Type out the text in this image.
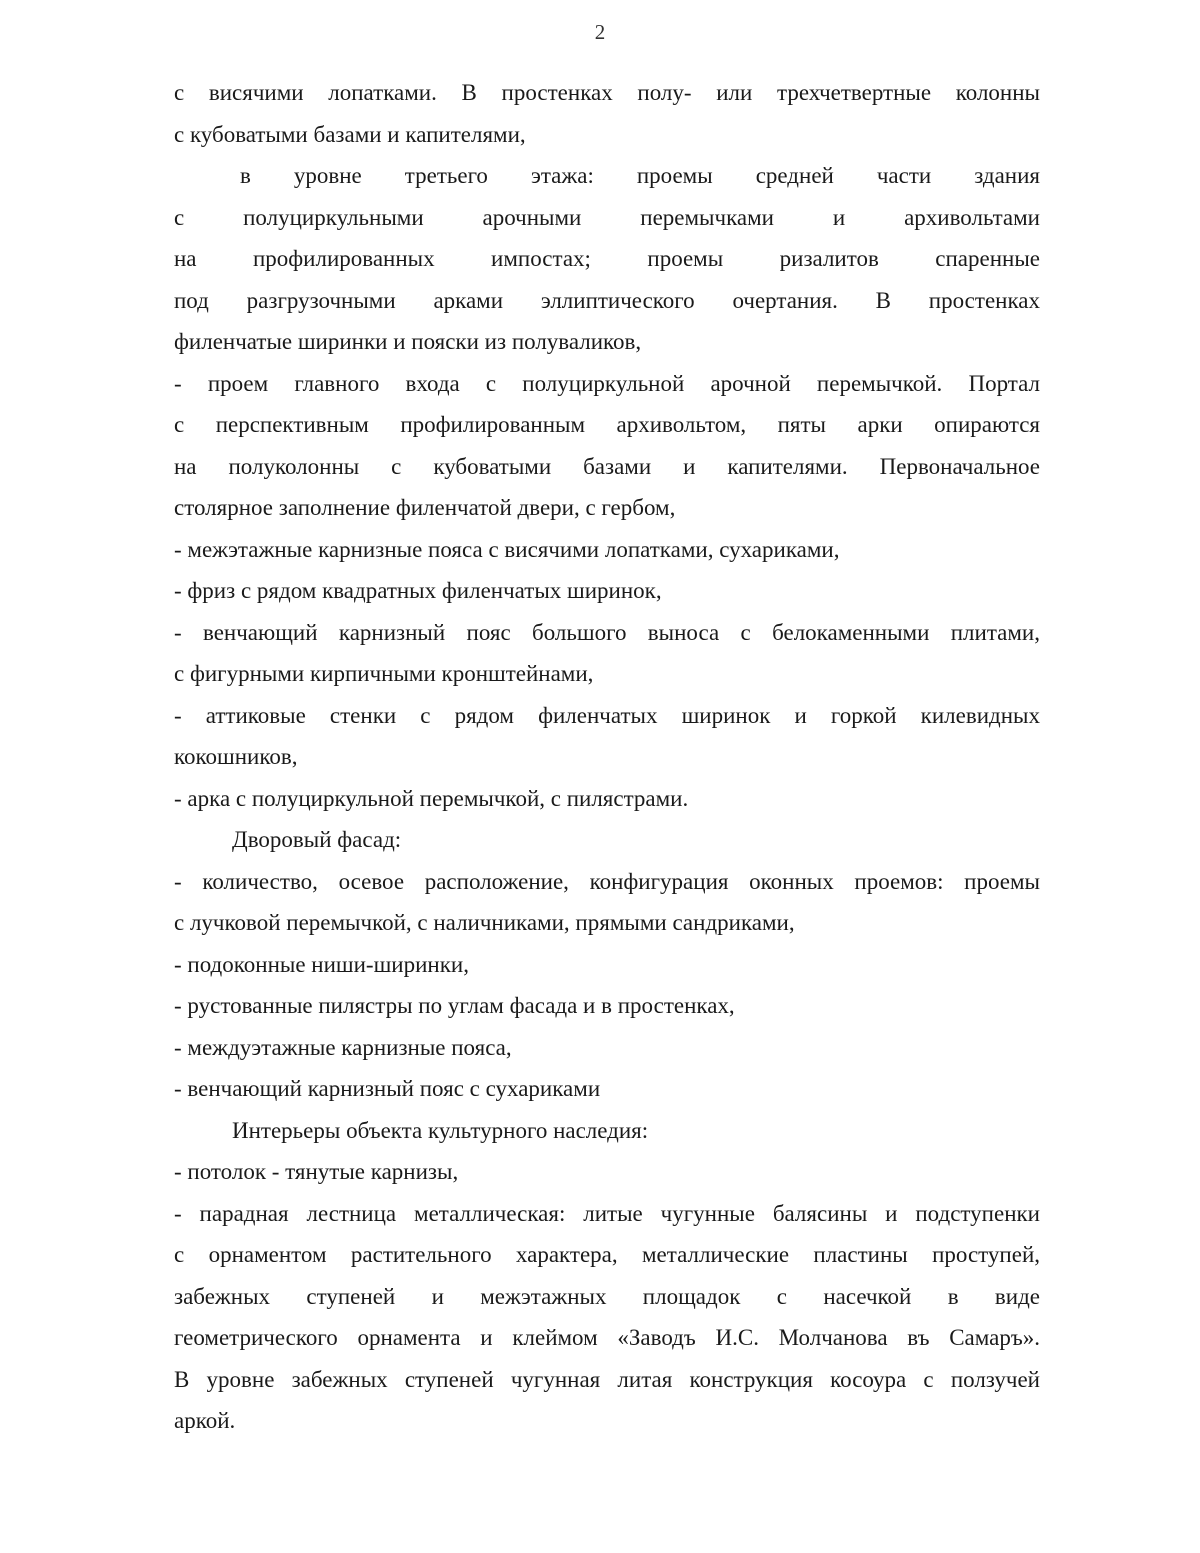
2
с висячими лопатками. В простенках полу- или трехчетвертные колонны
с кубоватыми базами и капителями,
в уровне третьего этажа: проемы средней части здания
с полуциркульными арочными перемычками и архивольтами
на профилированных импостах; проемы ризалитов спаренные
под разгрузочными арками эллиптического очертания. В простенках
филенчатые ширинки и пояски из полуваликов,
- проем главного входа с полуциркульной арочной перемычкой. Портал
с перспективным профилированным архивольтом, пяты арки опираются
на полуколонны с кубоватыми базами и капителями. Первоначальное
столярное заполнение филенчатой двери, с гербом,
- межэтажные карнизные пояса с висячими лопатками, сухариками,
- фриз с рядом квадратных филенчатых ширинок,
- венчающий карнизный пояс большого выноса с белокаменными плитами,
с фигурными кирпичными кронштейнами,
- аттиковые стенки с рядом филенчатых ширинок и горкой килевидных
кокошников,
- арка с полуциркульной перемычкой, с пилястрами.
Дворовый фасад:
- количество, осевое расположение, конфигурация оконных проемов: проемы
с лучковой перемычкой, с наличниками, прямыми сандриками,
- подоконные ниши-ширинки,
- рустованные пилястры по углам фасада и в простенках,
- междуэтажные карнизные пояса,
- венчающий карнизный пояс с сухариками
Интерьеры объекта культурного наследия:
- потолок - тянутые карнизы,
- парадная лестница металлическая: литые чугунные балясины и подступенки
с орнаментом растительного характера, металлические пластины проступей,
забежных ступеней и межэтажных площадок с насечкой в виде
геометрического орнамента и клеймом «Заводъ И.С. Молчанова въ Самаръ».
В уровне забежных ступеней чугунная литая конструкция косоура с ползучей
аркой.
